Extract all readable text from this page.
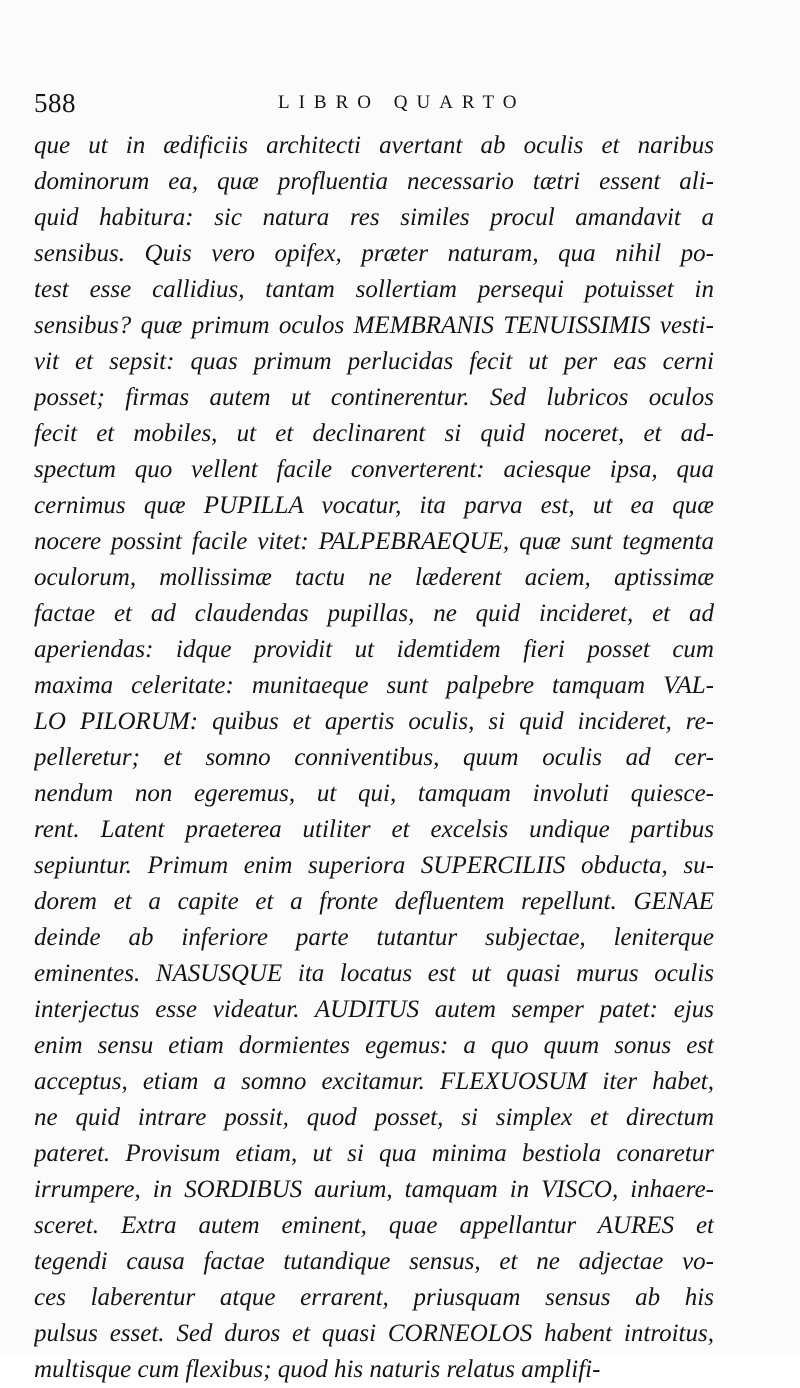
588	LIBRO QUARTO
que ut in ædificiis architecti avertant ab oculis et naribus
dominorum ea, quæ profluentia necessario tætri essent ali-
quid habitura: sic natura res similes procul amandavit a
sensibus. Quis vero opifex, præter naturam, qua nihil po-
test esse callidius, tantam sollertiam persequi potuisset in
sensibus? quæ primum oculos MEMBRANIS TENUISSIMIS vesti-
vit et sepsit: quas primum perlucidas fecit ut per eas cerni
posset; firmas autem ut continerentur. Sed lubricos oculos
fecit et mobiles, ut et declinarent si quid noceret, et ad-
spectum quo vellent facile converterent: aciesque ipsa, qua
cernimus quæ PUPILLA vocatur, ita parva est, ut ea quæ
nocere possint facile vitet: PALPEBRAEQUE, quæ sunt tegmenta
oculorum, mollissimæ tactu ne læderent aciem, aptissimæ
factae et ad claudendas pupillas, ne quid incideret, et ad
aperiendas: idque providit ut idemtidem fieri posset cum
maxima celeritate: munitaeque sunt palpebre tamquam VAL-
LO PILORUM: quibus et apertis oculis, si quid incideret, re-
pelleretur; et somno conniventibus, quum oculis ad cer-
nendum non egeremus, ut qui, tamquam involuti quiesce-
rent. Latent praeterea utiliter et excelsis undique partibus
sepiuntur. Primum enim superiora SUPERCILIIS obducta, su-
dorem et a capite et a fronte defluentem repellunt. GENAE
deinde ab inferiore parte tutantur subjectae, leniterque
eminentes. NASUSQUE ita locatus est ut quasi murus oculis
interjectus esse videatur. AUDITUS autem semper patet: ejus
enim sensu etiam dormientes egemus: a quo quum sonus est
acceptus, etiam a somno excitamur. FLEXUOSUM iter habet,
ne quid intrare possit, quod posset, si simplex et directum
pateret. Provisum etiam, ut si qua minima bestiola conaretur
irrumpere, in SORDIBUS aurium, tamquam in VISCO, inhaere-
sceret. Extra autem eminent, quae appellantur AURES et
tegendi causa factae tutandique sensus, et ne adjectae vo-
ces laberentur atque errarent, priusquam sensus ab his
pulsus esset. Sed duros et quasi CORNEOLOS habent introitus,
multisque cum flexibus; quod his naturis relatus amplifi-
